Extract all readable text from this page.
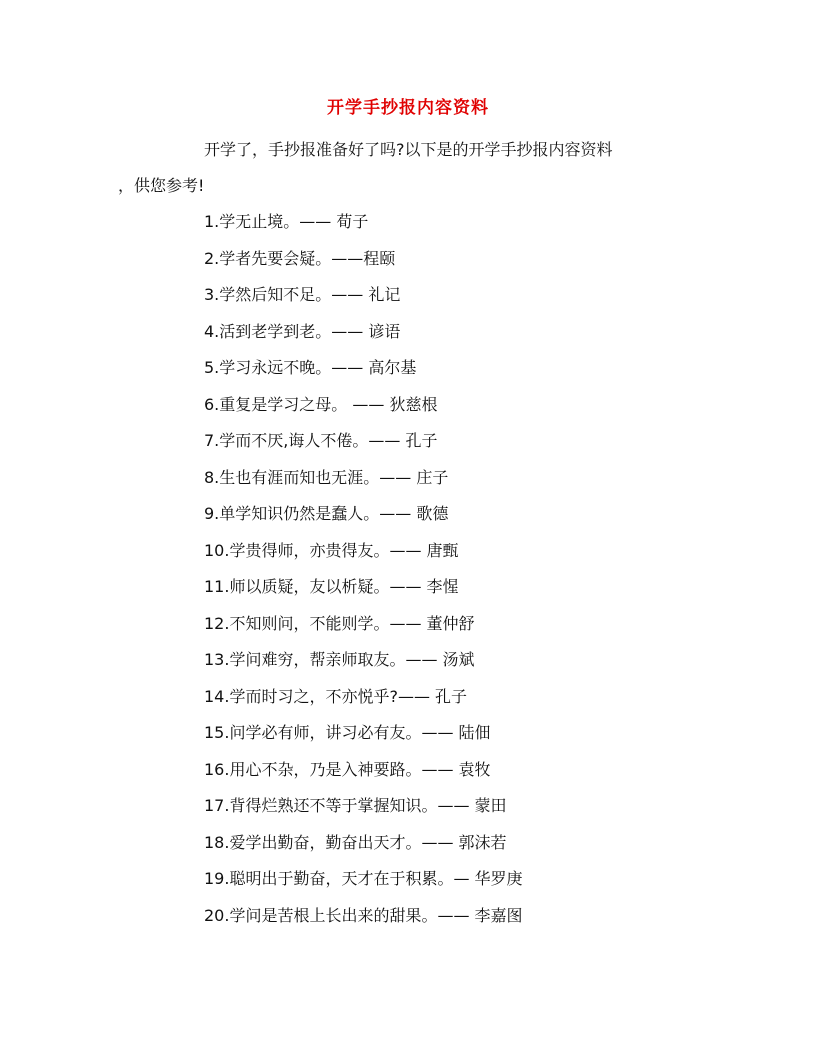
开学手抄报内容资料
开学了，手抄报准备好了吗?以下是的开学手抄报内容资料
，供您参考!
1.学无止境。—— 荀子
2.学者先要会疑。——程颐
3.学然后知不足。—— 礼记
4.活到老学到老。—— 谚语
5.学习永远不晚。—— 高尔基
6.重复是学习之母。 —— 狄慈根
7.学而不厌,诲人不倦。—— 孔子
8.生也有涯而知也无涯。—— 庄子
9.单学知识仍然是蠢人。—— 歌德
10.学贵得师，亦贵得友。—— 唐甄
11.师以质疑，友以析疑。—— 李惺
12.不知则问，不能则学。—— 董仲舒
13.学问难穷，帮亲师取友。—— 汤斌
14.学而时习之，不亦悦乎?—— 孔子
15.问学必有师，讲习必有友。—— 陆佃
16.用心不杂，乃是入神要路。—— 袁牧
17.背得烂熟还不等于掌握知识。—— 蒙田
18.爱学出勤奋，勤奋出天才。—— 郭沫若
19.聪明出于勤奋，天才在于积累。— 华罗庚
20.学问是苦根上长出来的甜果。—— 李嘉图
